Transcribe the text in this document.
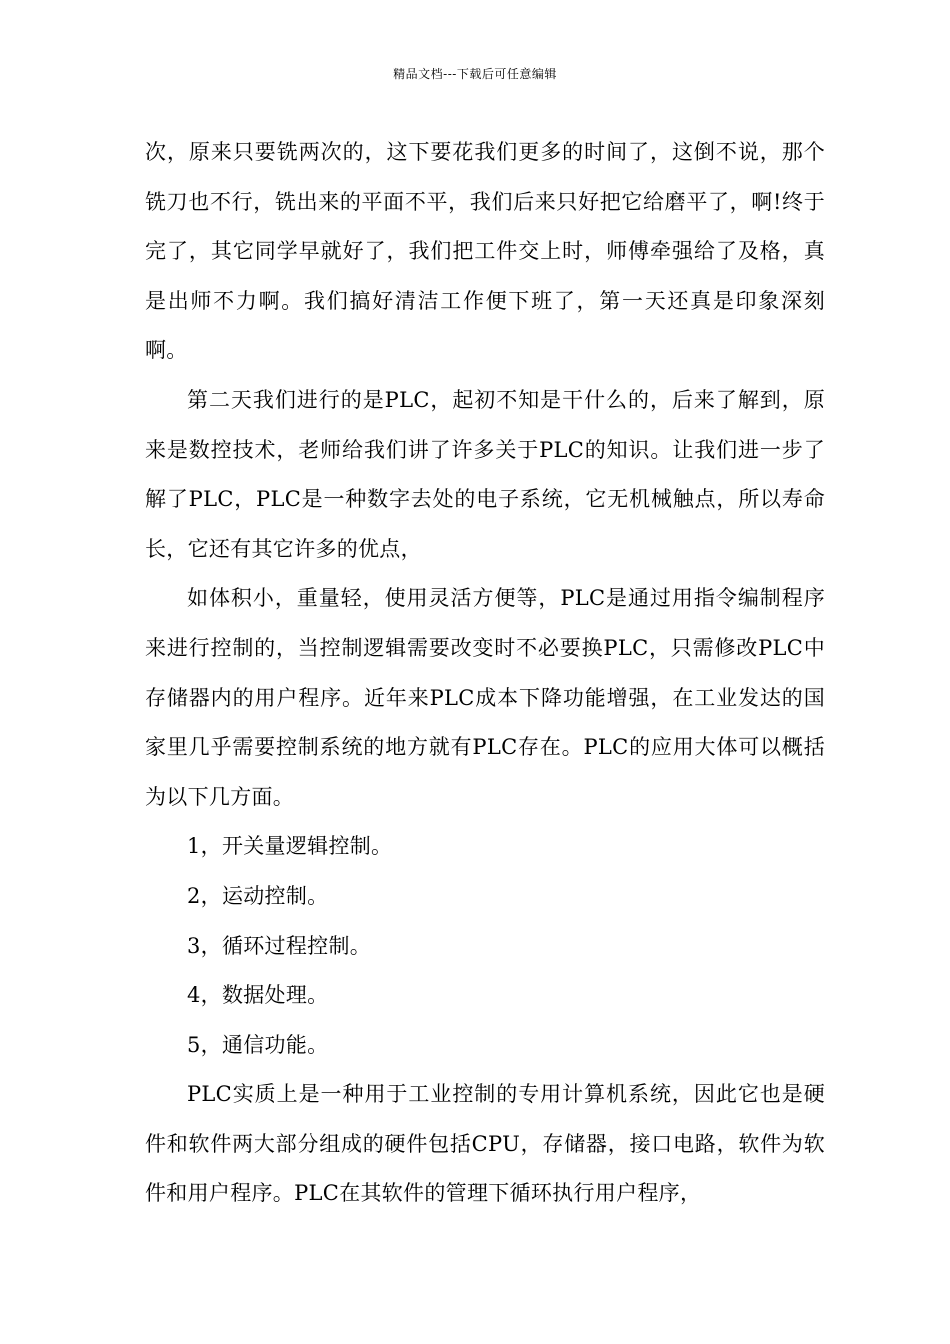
精品文档---下载后可任意编辑

次，原来只要铣两次的，这下要花我们更多的时间了，这倒不说，那个铣刀也不行，铣出来的平面不平，我们后来只好把它给磨平了，啊!终于完了，其它同学早就好了，我们把工件交上时，师傅牵强给了及格，真是出师不力啊。我们搞好清洁工作便下班了，第一天还真是印象深刻啊。

第二天我们进行的是PLC，起初不知是干什么的，后来了解到，原来是数控技术，老师给我们讲了许多关于PLC的知识。让我们进一步了解了PLC，PLC是一种数字去处的电子系统，它无机械触点，所以寿命长，它还有其它许多的优点，

如体积小，重量轻，使用灵活方便等，PLC是通过用指令编制程序来进行控制的，当控制逻辑需要改变时不必要换PLC，只需修改PLC中存储器内的用户程序。近年来PLC成本下降功能增强，在工业发达的国家里几乎需要控制系统的地方就有PLC存在。PLC的应用大体可以概括为以下几方面。

1，开关量逻辑控制。

2，运动控制。

3，循环过程控制。

4，数据处理。

5，通信功能。

PLC实质上是一种用于工业控制的专用计算机系统，因此它也是硬件和软件两大部分组成的硬件包括CPU，存储器，接口电路，软件为软件和用户程序。PLC在其软件的管理下循环执行用户程序，
